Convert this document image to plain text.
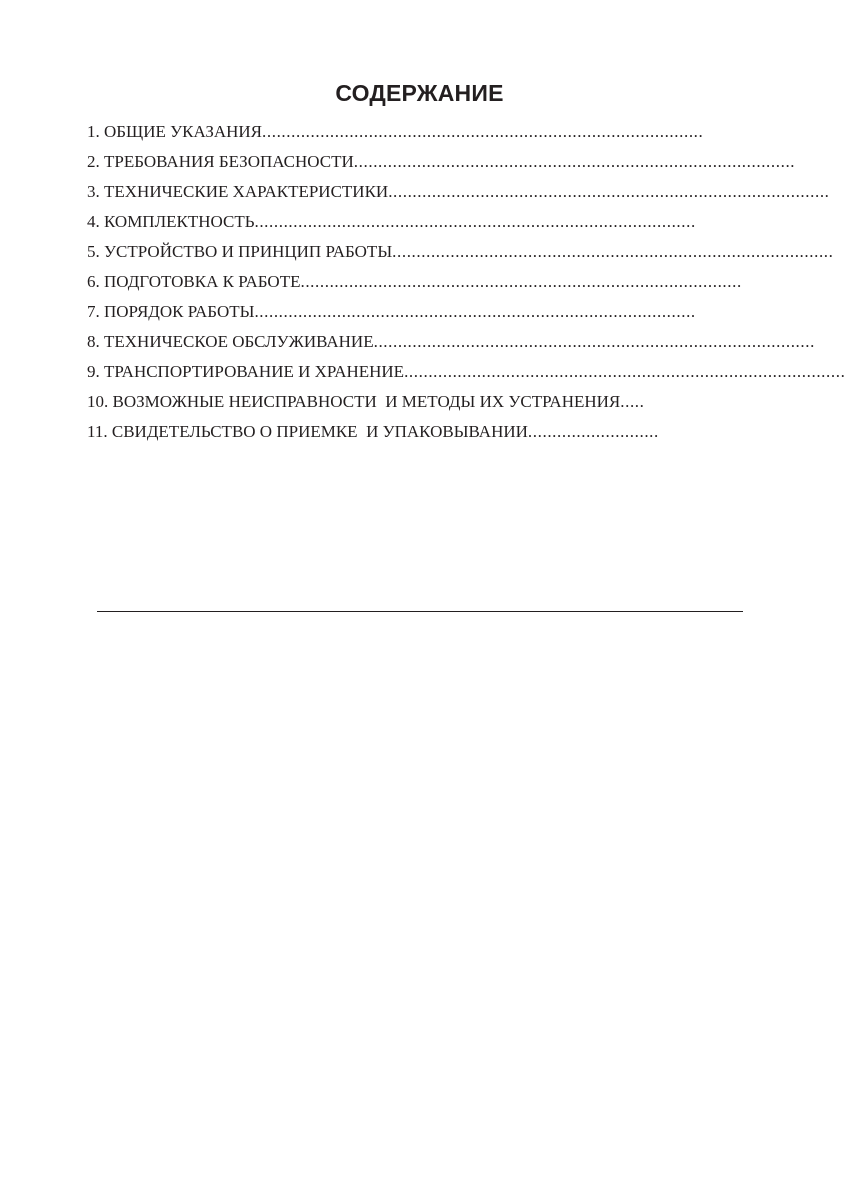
СОДЕРЖАНИЕ
1. ОБЩИЕ УКАЗАНИЯ...........................................................................................
2. ТРЕБОВАНИЯ БЕЗОПАСНОСТИ...........................................................................................
3. ТЕХНИЧЕСКИЕ ХАРАКТЕРИСТИКИ...........................................................................................
4. КОМПЛЕКТНОСТЬ...........................................................................................
5. УСТРОЙСТВО И ПРИНЦИП РАБОТЫ...........................................................................................
6. ПОДГОТОВКА К РАБОТЕ...........................................................................................
7. ПОРЯДОК РАБОТЫ...........................................................................................
8. ТЕХНИЧЕСКОЕ ОБСЛУЖИВАНИЕ...........................................................................................
9. ТРАНСПОРТИРОВАНИЕ И ХРАНЕНИЕ...........................................................................................
10. ВОЗМОЖНЫЕ НЕИСПРАВНОСТИ  И МЕТОДЫ ИХ УСТРАНЕНИЯ.....
11. СВИДЕТЕЛЬСТВО О ПРИЕМКЕ  И УПАКОВЫВАНИИ...........................
